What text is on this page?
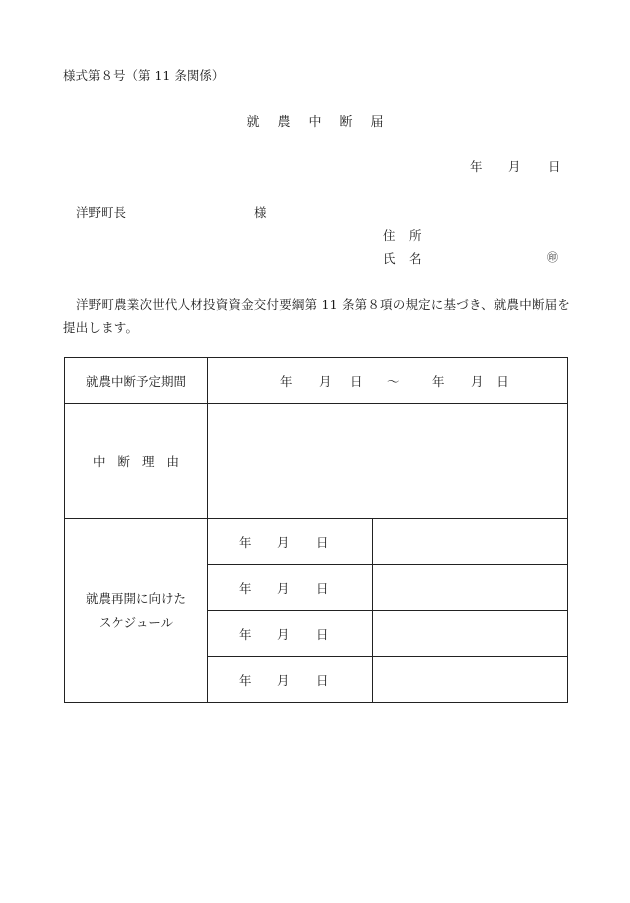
様式第８号（第 11 条関係）
就 農 中 断 届
年 月 日
洋野町長	様
住 所
氏 名	㊞
洋野町農業次世代人材投資資金交付要綱第 11 条第８項の規定に基づき、就農中断届を提出します。
就農中断予定期間	年 月 日 ～ 年 月 日	
中 断 理 由		

就農再開に向けた
スケジュール	年 月 日	
	年 月 日	
	年 月 日	
	年 月 日	
